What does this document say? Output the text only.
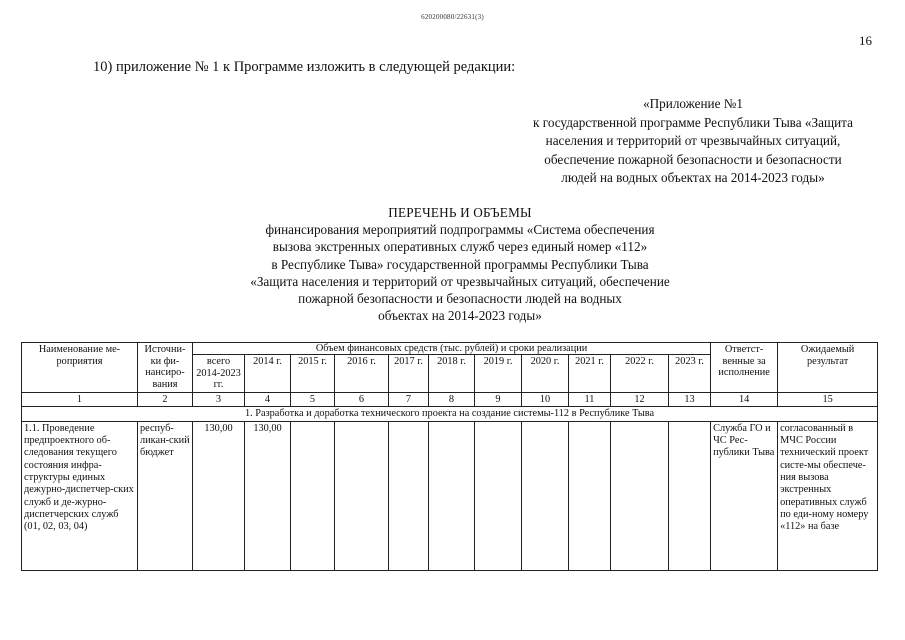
620200080/22631(3)
16
10) приложение № 1 к Программе изложить в следующей редакции:
«Приложение №1
к государственной программе Республики Тыва «Защита
населения и территорий от чрезвычайных ситуаций,
обеспечение пожарной безопасности и безопасности
людей на водных объектах на 2014-2023 годы»
ПЕРЕЧЕНЬ И ОБЪЕМЫ
финансирования мероприятий подпрограммы «Система обеспечения
вызова экстренных оперативных служб через единый номер «112»
в Республике Тыва» государственной программы Республики Тыва
«Защита населения и территорий от чрезвычайных ситуаций, обеспечение
пожарной безопасности и безопасности людей на водных
объектах на 2014-2023 годы»
Наименование ме-роприятия	Источни-ки фи-нансиро-вания	Объем финансовых средств (тыс. рублей) и сроки реализации											Ответст-венные за исполнение	Ожидаемый результат
		всего 2014-2023 гг.	2014 г.	2015 г.	2016 г.	2017 г.	2018 г.	2019 г.	2020 г.	2021 г.	2022 г.	2023 г.		
1	2	3	4	5	6	7	8	9	10	11	12	13	14	15
1. Разработка и доработка технического проекта на создание системы-112 в Республике Тыва														
1.1. Проведение предпроектного об-следования текущего состояния инфра-структуры единых дежурно-диспетчер-ских служб и де-журно-диспетчерских служб (01, 02, 03, 04)	респуб-ликан-ский бюджет	130,00	130,00										Служба ГО и ЧС Рес-публики Тыва	согласованный в МЧС России технический проект систе-мы обеспече-ния вызова экстренных оперативных служб по еди-ному номеру «112» на базе
